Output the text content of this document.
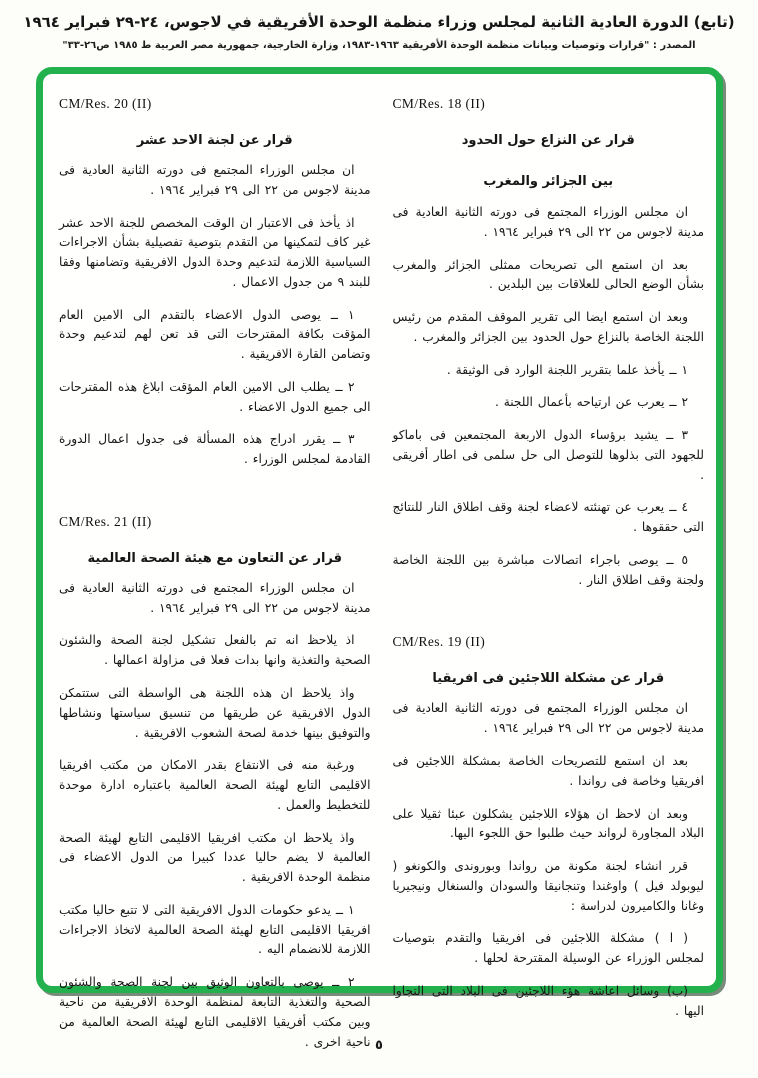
(تابع) الدورة العادية الثانية لمجلس وزراء منظمة الوحدة الأفريقية في لاجوس، ٢٤-٢٩ فبراير ١٩٦٤
المصدر : "قرارات وتوصيات وبيانات منظمة الوحدة الأفريقية ١٩٦٣-١٩٨٣، وزارة الخارجية، جمهورية مصر العربية ط ١٩٨٥ ص٢٦-٣٣"
CM/Res. 18 (II)
قرار عن النزاع حول الحدود
بين الجزائر والمغرب

ان مجلس الوزراء المجتمع فى دورته الثانية العادية فى مدينة لاجوس من ٢٢ الى ٢٩ فبراير ١٩٦٤ .

بعد ان استمع الى تصريحات ممثلى الجزائر والمغرب بشأن الوضع الحالى للعلاقات بين البلدين .

وبعد ان استمع ايضا الى تقرير الموقف المقدم من رئيس اللجنة الخاصة بالنزاع حول الحدود بين الجزائر والمغرب .

١ ــ يأخذ علما بتقرير اللجنة الوارد فى الوثيقة .

٢ ــ يعرب عن ارتياحه بأعمال اللجنة .

٣ ــ يشيد برؤساء الدول الاربعة المجتمعين فى باماكو للجهود التى بذلوها للتوصل الى حل سلمى فى اطار أفريقى .

٤ ــ يعرب عن تهنئته لاعضاء لجنة وقف اطلاق النار للنتائج التى حققوها .

٥ ــ يوصى باجراء اتصالات مباشرة بين اللجنة الخاصة ولجنة وقف اطلاق النار .

CM/Res. 19 (II)
قرار عن مشكلة اللاجئين فى افريقيا

ان مجلس الوزراء المجتمع فى دورته الثانية العادية فى مدينة لاجوس من ٢٢ الى ٢٩ فبراير ١٩٦٤ .

بعد ان استمع للتصريحات الخاصة بمشكلة اللاجئين فى افريقيا وخاصة فى رواندا .

وبعد ان لاحظ ان هؤلاء اللاجئين يشكلون عبئا ثقيلا على البلاد المجاورة لرواند حيث طلبوا حق اللجوء اليها.

قرر انشاء لجنة مكونة من رواندا وبوروندى والكونغو ( ليوبولد فيل ) واوغندا وتنجانيقا والسودان والسنغال ونيجيريا وغانا والكاميرون لدراسة :

( ا ) مشكلة اللاجئين فى افريقيا والتقدم بتوصيات لمجلس الوزراء عن الوسيلة المقترحة لحلها .

(ب) وسائل اعاشة هؤء اللاجئين فى البلاد التى التجاوا اليها .

CM/Res. 20 (II)
قرار عن لجنة الاحد عشر

ان مجلس الوزراء المجتمع فى دورته الثانية العادية فى مدينة لاجوس من ٢٢ الى ٢٩ فبراير ١٩٦٤ .

اذ يأخذ فى الاعتبار ان الوقت المخصص للجنة الاحد عشر غير كاف لتمكينها من التقدم بتوصية تفصيلية بشأن الاجراءات السياسية اللازمة لتدعيم وحدة الدول الافريقية وتضامنها وفقا للبند ٩ من جدول الاعمال .

١ ــ يوصى الدول الاعضاء بالتقدم الى الامين العام المؤقت بكافة المقترحات التى قد تعن لهم لتدعيم وحدة وتضامن القارة الافريقية .

٢ ــ يطلب الى الامين العام المؤقت ابلاغ هذه المقترحات الى جميع الدول الاعضاء .

٣ ــ يقرر ادراج هذه المسألة فى جدول اعمال الدورة القادمة لمجلس الوزراء .

CM/Res. 21 (II)
قرار عن التعاون مع هيئة الصحة العالمية

ان مجلس الوزراء المجتمع فى دورته الثانية العادية فى مدينة لاجوس من ٢٢ الى ٢٩ فبراير ١٩٦٤ .

اذ يلاحظ انه تم بالفعل تشكيل لجنة الصحة والشئون الصحية والتغذية وانها بدات فعلا فى مزاولة اعمالها .

واذ يلاحظ ان هذه اللجنة هى الواسطة التى ستتمكن الدول الافريقية عن طريقها من تنسيق سياستها ونشاطها والتوفيق بينها خدمة لصحة الشعوب الافريقية .

ورغبة منه فى الانتفاع بقدر الامكان من مكتب افريقيا الاقليمى التابع لهيئة الصحة العالمية باعتباره ادارة موحدة للتخطيط والعمل .

واذ يلاحظ ان مكتب افريقيا الاقليمى التابع لهيئة الصحة العالمية لا يضم حاليا عددا كبيرا من الدول الاعضاء فى منظمة الوحدة الافريقية .

١ ــ يدعو حكومات الدول الافريقية التى لا تتبع حاليا مكتب افريقيا الاقليمى التابع لهيئة الصحة العالمية لاتخاذ الاجراءات اللازمة للانضمام اليه .

٢ ــ يوصى بالتعاون الوثيق بين لجنة الصحة والشئون الصحية والتغذية التابعة لمنظمة الوحدة الافريقية من ناحية وبين مكتب أفريقيا الاقليمى التابع لهيئة الصحة العالمية من ناحية اخرى . ٥
